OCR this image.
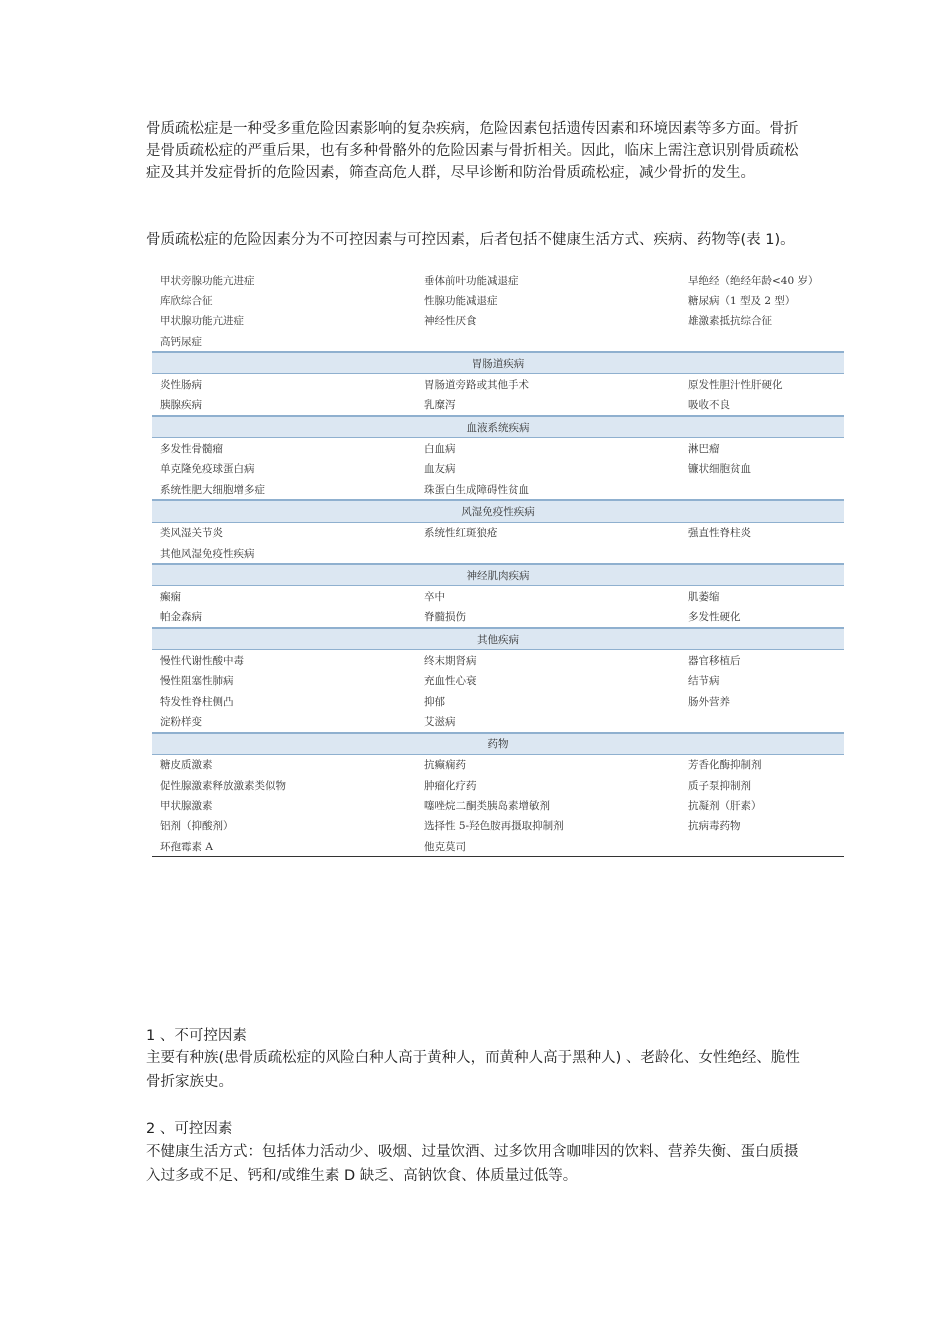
骨质疏松症是一种受多重危险因素影响的复杂疾病，危险因素包括遗传因素和环境因素等多方面。骨折是骨质疏松症的严重后果，也有多种骨骼外的危险因素与骨折相关。因此，临床上需注意识别骨质疏松症及其并发症骨折的危险因素，筛查高危人群，尽早诊断和防治骨质疏松症，减少骨折的发生。

骨质疏松症的危险因素分为不可控因素与可控因素，后者包括不健康生活方式、疾病、药物等(表 1)。

甲状旁腺功能亢进症	垂体前叶功能减退症	早绝经（绝经年龄<40 岁）
库欣综合征	性腺功能减退症	糖尿病（1 型及 2 型）
甲状腺功能亢进症	神经性厌食	雄激素抵抗综合征
高钙尿症		
胃肠道疾病		
炎性肠病	胃肠道旁路或其他手术	原发性胆汁性肝硬化
胰腺疾病	乳糜泻	吸收不良
血液系统疾病		
多发性骨髓瘤	白血病	淋巴瘤
单克隆免疫球蛋白病	血友病	镰状细胞贫血
系统性肥大细胞增多症	珠蛋白生成障碍性贫血	
风湿免疫性疾病		
类风湿关节炎	系统性红斑狼疮	强直性脊柱炎
其他风湿免疫性疾病		
神经肌肉疾病		
癫痫	卒中	肌萎缩
帕金森病	脊髓损伤	多发性硬化
其他疾病		
慢性代谢性酸中毒	终末期肾病	器官移植后
慢性阻塞性肺病	充血性心衰	结节病
特发性脊柱侧凸	抑郁	肠外营养
淀粉样变	艾滋病	
药物		
糖皮质激素	抗癫痫药	芳香化酶抑制剂
促性腺激素释放激素类似物	肿瘤化疗药	质子泵抑制剂
甲状腺激素	噻唑烷二酮类胰岛素增敏剂	抗凝剂（肝素）
铝剂（抑酸剂）	选择性 5-羟色胺再摄取抑制剂	抗病毒药物
环孢霉素 A	他克莫司	

1 、不可控因素

主要有种族(患骨质疏松症的风险白种人高于黄种人，而黄种人高于黑种人) 、老龄化、女性绝经、脆性骨折家族史。

2 、可控因素

不健康生活方式：包括体力活动少、吸烟、过量饮酒、过多饮用含咖啡因的饮料、营养失衡、蛋白质摄入过多或不足、钙和/或维生素 D 缺乏、高钠饮食、体质量过低等。
